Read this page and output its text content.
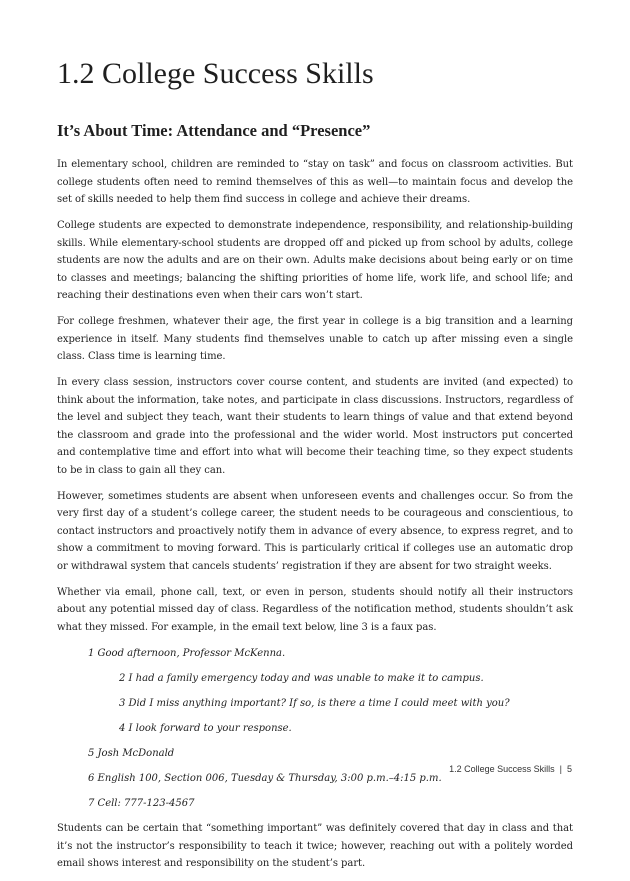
1.2 College Success Skills
It’s About Time: Attendance and “Presence”

In elementary school, children are reminded to “stay on task” and focus on classroom activities. But college students often need to remind themselves of this as well—to maintain focus and develop the set of skills needed to help them find success in college and achieve their dreams.

College students are expected to demonstrate independence, responsibility, and relationship-building skills. While elementary-school students are dropped off and picked up from school by adults, college students are now the adults and are on their own. Adults make decisions about being early or on time to classes and meetings; balancing the shifting priorities of home life, work life, and school life; and reaching their destinations even when their cars won’t start.

For college freshmen, whatever their age, the first year in college is a big transition and a learning experience in itself. Many students find themselves unable to catch up after missing even a single class. Class time is learning time.

In every class session, instructors cover course content, and students are invited (and expected) to think about the information, take notes, and participate in class discussions. Instructors, regardless of the level and subject they teach, want their students to learn things of value and that extend beyond the classroom and grade into the professional and the wider world. Most instructors put concerted and contemplative time and effort into what will become their teaching time, so they expect students to be in class to gain all they can.

However, sometimes students are absent when unforeseen events and challenges occur. So from the very first day of a student’s college career, the student needs to be courageous and conscientious, to contact instructors and proactively notify them in advance of every absence, to express regret, and to show a commitment to moving forward. This is particularly critical if colleges use an automatic drop or withdrawal system that cancels students’ registration if they are absent for two straight weeks.

Whether via email, phone call, text, or even in person, students should notify all their instructors about any potential missed day of class. Regardless of the notification method, students shouldn’t ask what they missed. For example, in the email text below, line 3 is a faux pas.

1 Good afternoon, Professor McKenna.

2 I had a family emergency today and was unable to make it to campus.

3 Did I miss anything important? If so, is there a time I could meet with you?

4 I look forward to your response.

5 Josh McDonald

6 English 100, Section 006, Tuesday & Thursday, 3:00 p.m.–4:15 p.m.

7 Cell: 777-123-4567

Students can be certain that “something important” was definitely covered that day in class and that it’s not the instructor’s responsibility to teach it twice; however, reaching out with a politely worded email shows interest and responsibility on the student’s part.

1.2 College Success Skills | 5
